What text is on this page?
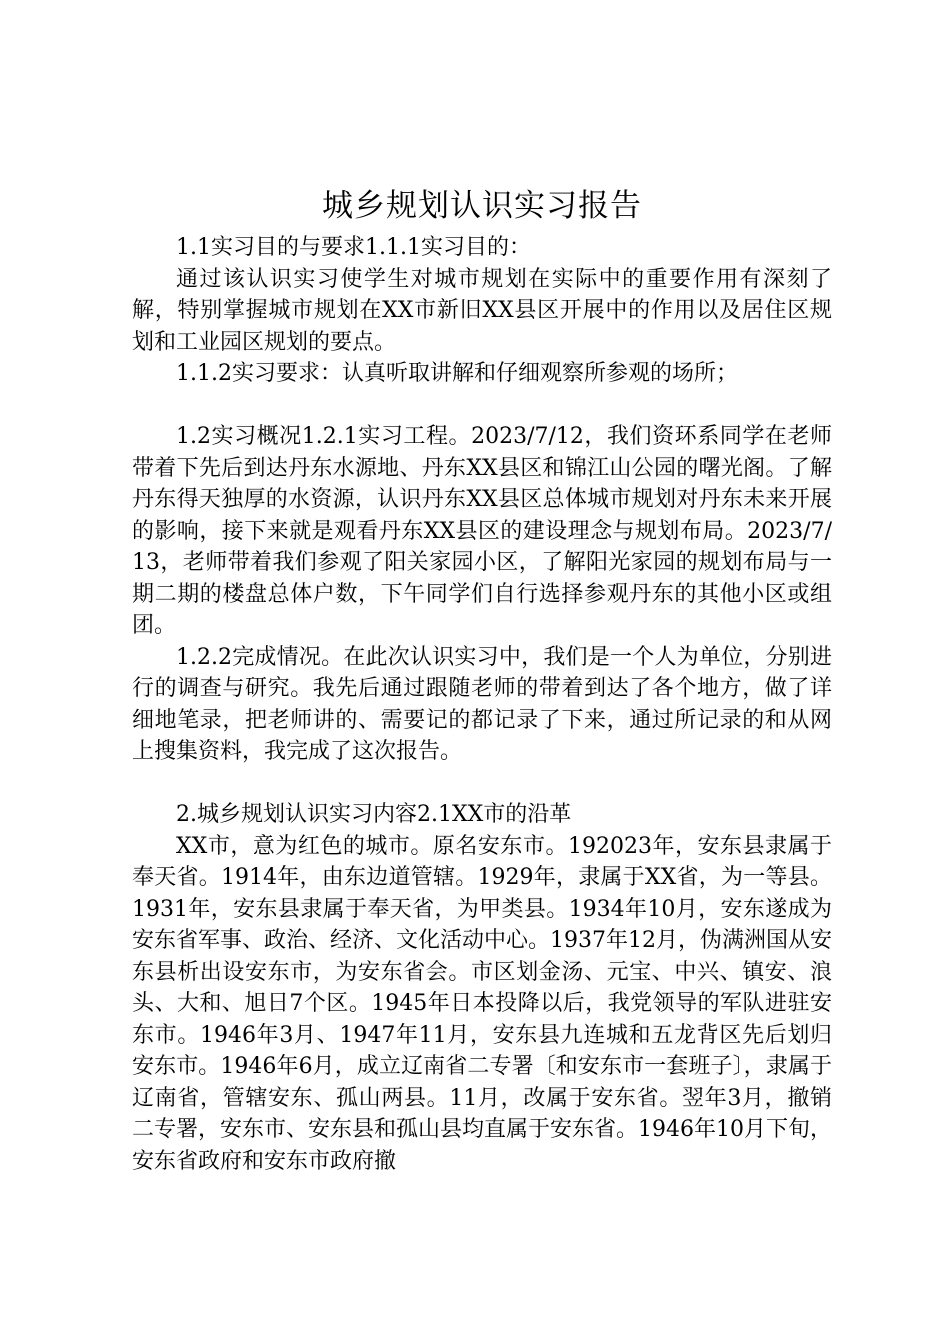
城乡规划认识实习报告

1.1实习目的与要求1.1.1实习目的：

通过该认识实习使学生对城市规划在实际中的重要作用有深刻了解，特别掌握城市规划在XX市新旧XX县区开展中的作用以及居住区规划和工业园区规划的要点。

1.1.2实习要求：认真听取讲解和仔细观察所参观的场所；

1.2实习概况1.2.1实习工程。2023/7/12，我们资环系同学在老师带着下先后到达丹东水源地、丹东XX县区和锦江山公园的曙光阁。了解丹东得天独厚的水资源，认识丹东XX县区总体城市规划对丹东未来开展的影响，接下来就是观看丹东XX县区的建设理念与规划布局。2023/7/13，老师带着我们参观了阳关家园小区，了解阳光家园的规划布局与一期二期的楼盘总体户数，下午同学们自行选择参观丹东的其他小区或组团。

1.2.2完成情况。在此次认识实习中，我们是一个人为单位，分别进行的调查与研究。我先后通过跟随老师的带着到达了各个地方，做了详细地笔录，把老师讲的、需要记的都记录了下来，通过所记录的和从网上搜集资料，我完成了这次报告。

2.城乡规划认识实习内容2.1XX市的沿革

XX市，意为红色的城市。原名安东市。192023年，安东县隶属于奉天省。1914年，由东边道管辖。1929年，隶属于XX省，为一等县。1931年，安东县隶属于奉天省，为甲类县。1934年10月，安东遂成为安东省军事、政治、经济、文化活动中心。1937年12月，伪满洲国从安东县析出设安东市，为安东省会。市区划金汤、元宝、中兴、镇安、浪头、大和、旭日7个区。1945年日本投降以后，我党领导的军队进驻安东市。1946年3月、1947年11月，安东县九连城和五龙背区先后划归安东市。1946年6月，成立辽南省二专署〔和安东市一套班子〕，隶属于辽南省，管辖安东、孤山两县。11月，改属于安东省。翌年3月，撤销二专署，安东市、安东县和孤山县均直属于安东省。1946年10月下旬，安东省政府和安东市政府撤
